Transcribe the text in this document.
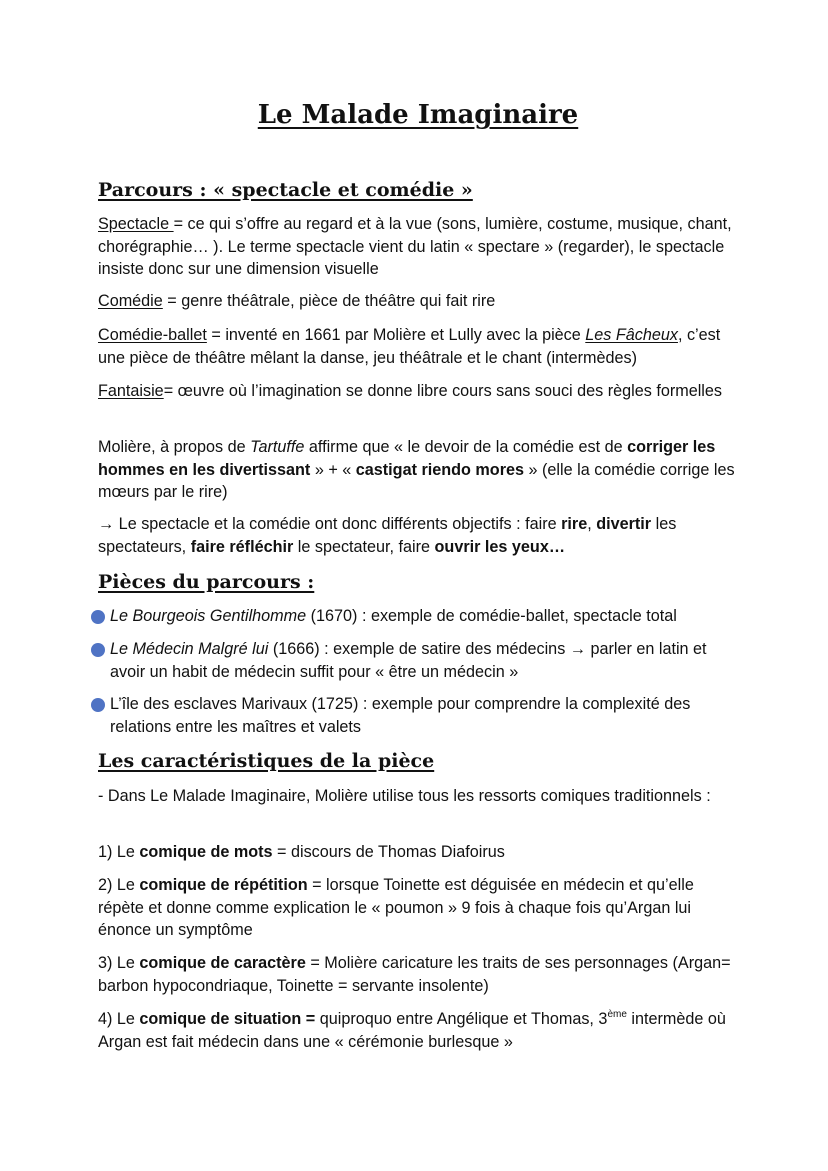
Le Malade Imaginaire
Parcours : « spectacle et comédie »

Spectacle = ce qui s’offre au regard et à la vue (sons, lumière, costume, musique, chant, chorégraphie… ). Le terme spectacle vient du latin « spectare » (regarder), le spectacle insiste donc sur une dimension visuelle

Comédie = genre théâtrale, pièce de théâtre qui fait rire

Comédie-ballet = inventé en 1661 par Molière et Lully avec la pièce Les Fâcheux, c’est une pièce de théâtre mêlant la danse, jeu théâtrale et le chant (intermèdes)

Fantaisie= œuvre où l’imagination se donne libre cours sans souci des règles formelles

Molière, à propos de Tartuffe affirme que « le devoir de la comédie est de corriger les hommes en les divertissant » + « castigat riendo mores » (elle la comédie corrige les mœurs par le rire)

→ Le spectacle et la comédie ont donc différents objectifs : faire rire, divertir les spectateurs, faire réfléchir le spectateur, faire ouvrir les yeux…

Pièces du parcours :

Le Bourgeois Gentilhomme (1670) : exemple de comédie-ballet, spectacle total

Le Médecin Malgré lui (1666) : exemple de satire des médecins → parler en latin et avoir un habit de médecin suffit pour « être un médecin »

L’île des esclaves Marivaux (1725) : exemple pour comprendre la complexité des relations entre les maîtres et valets

Les caractéristiques de la pièce

- Dans Le Malade Imaginaire, Molière utilise tous les ressorts comiques traditionnels :

1) Le comique de mots = discours de Thomas Diafoirus

2) Le comique de répétition = lorsque Toinette est déguisée en médecin et qu’elle répète et donne comme explication le « poumon » 9 fois à chaque fois qu’Argan lui énonce un symptôme

3) Le comique de caractère = Molière caricature les traits de ses personnages (Argan= barbon hypocondriaque, Toinette = servante insolente)

4) Le comique de situation = quiproquo entre Angélique et Thomas, 3ème intermède où Argan est fait médecin dans une « cérémonie burlesque »
